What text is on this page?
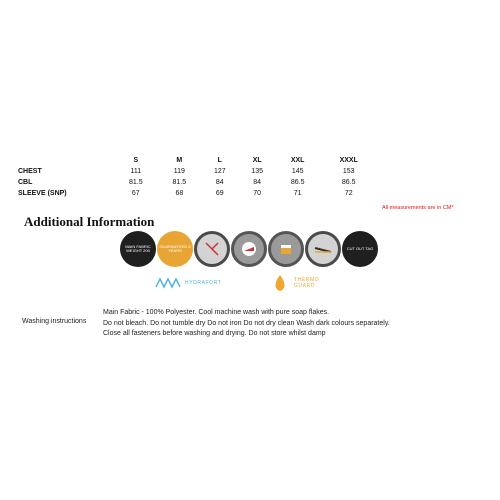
	S	M	L	XL	XXL	XXXL
CHEST	111	119	127	135	145	153
CBL	81.5	81.5	84	84	86.5	86.5
SLEEVE (SNP)	67	68	69	70	71	72
All measurements are in CM*
Additional Information
MAIN FABRIC WEIGHT 200
GUARANTEED 2 YEARS	CUT OUT TAG
HYDRAFORT	THERMO GUARD
Washing instructions
Main Fabric - 100% Polyester. Cool machine wash with pure soap flakes.
Do not bleach. Do not tumble dry Do not iron Do not dry clean Wash dark colours separately.
Close all fasteners before washing and drying. Do not store whilst damp
